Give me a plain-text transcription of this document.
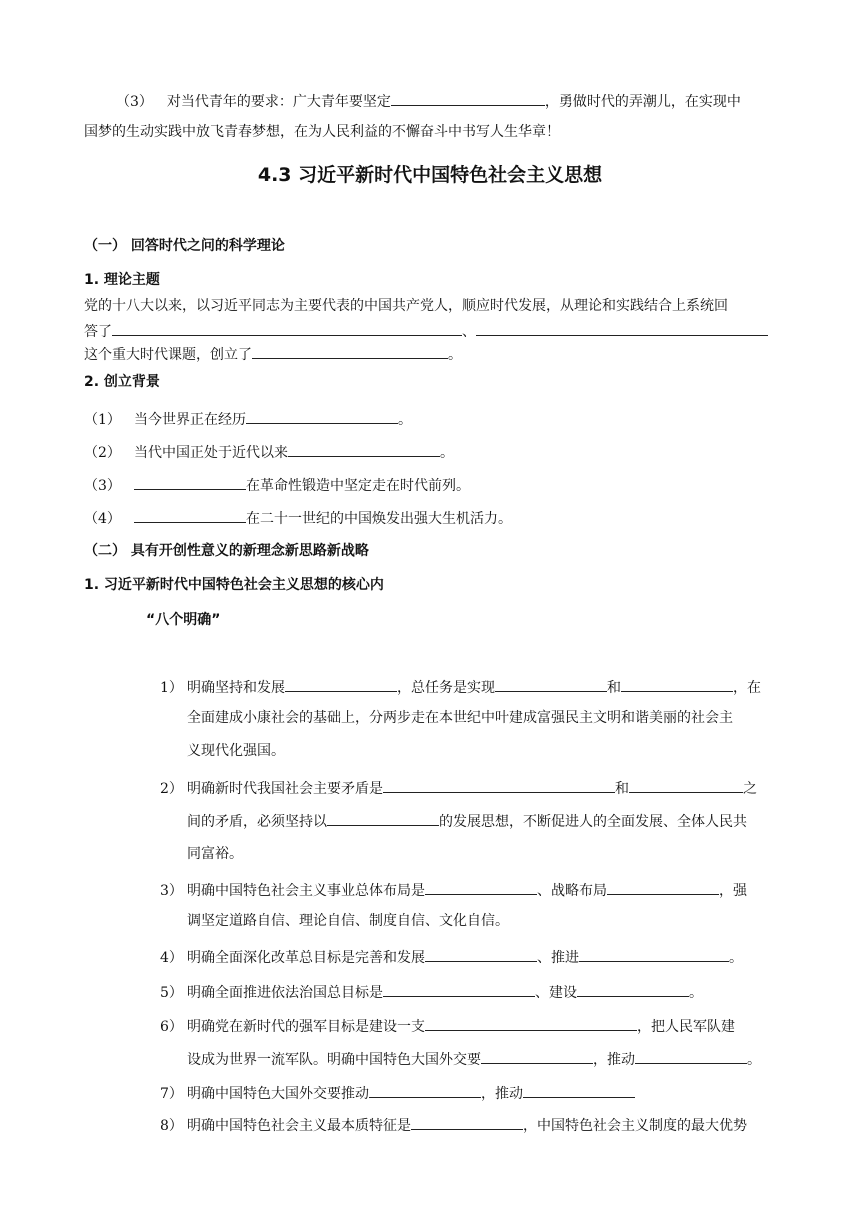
（3） 对当代青年的要求：广大青年要坚定	，勇做时代的弄潮儿，在实现中
国梦的生动实践中放飞青春梦想，在为人民利益的不懈奋斗中书写人生华章！
4.3 习近平新时代中国特色社会主义思想
（一） 回答时代之问的科学理论
1. 理论主题
党的十八大以来，以习近平同志为主要代表的中国共产党人，顺应时代发展，从理论和实践结合上系统回
答了	、
这个重大时代课题，创立了	。
2. 创立背景
（1） 当今世界正在经历	。
（2） 当代中国正处于近代以来	。
（3）	在革命性锻造中坚定走在时代前列。
（4）	在二十一世纪的中国焕发出强大生机活力。
（二） 具有开创性意义的新理念新思路新战略
1. 习近平新时代中国特色社会主义思想的核心内
“八个明确”
1） 明确坚持和发展	，总任务是实现	和	，在
全面建成小康社会的基础上，分两步走在本世纪中叶建成富强民主文明和谐美丽的社会主
义现代化强国。
2） 明确新时代我国社会主要矛盾是	和	之
间的矛盾，必须坚持以	的发展思想，不断促进人的全面发展、全体人民共
同富裕。
3） 明确中国特色社会主义事业总体布局是	、战略布局	，强
调坚定道路自信、理论自信、制度自信、文化自信。
4） 明确全面深化改革总目标是完善和发展	、推进	。
5） 明确全面推进依法治国总目标是	、建设	。
6） 明确党在新时代的强军目标是建设一支	，把人民军队建
设成为世界一流军队。明确中国特色大国外交要	，推动	。
7） 明确中国特色大国外交要推动	，推动
8） 明确中国特色社会主义最本质特征是	，中国特色社会主义制度的最大优势
